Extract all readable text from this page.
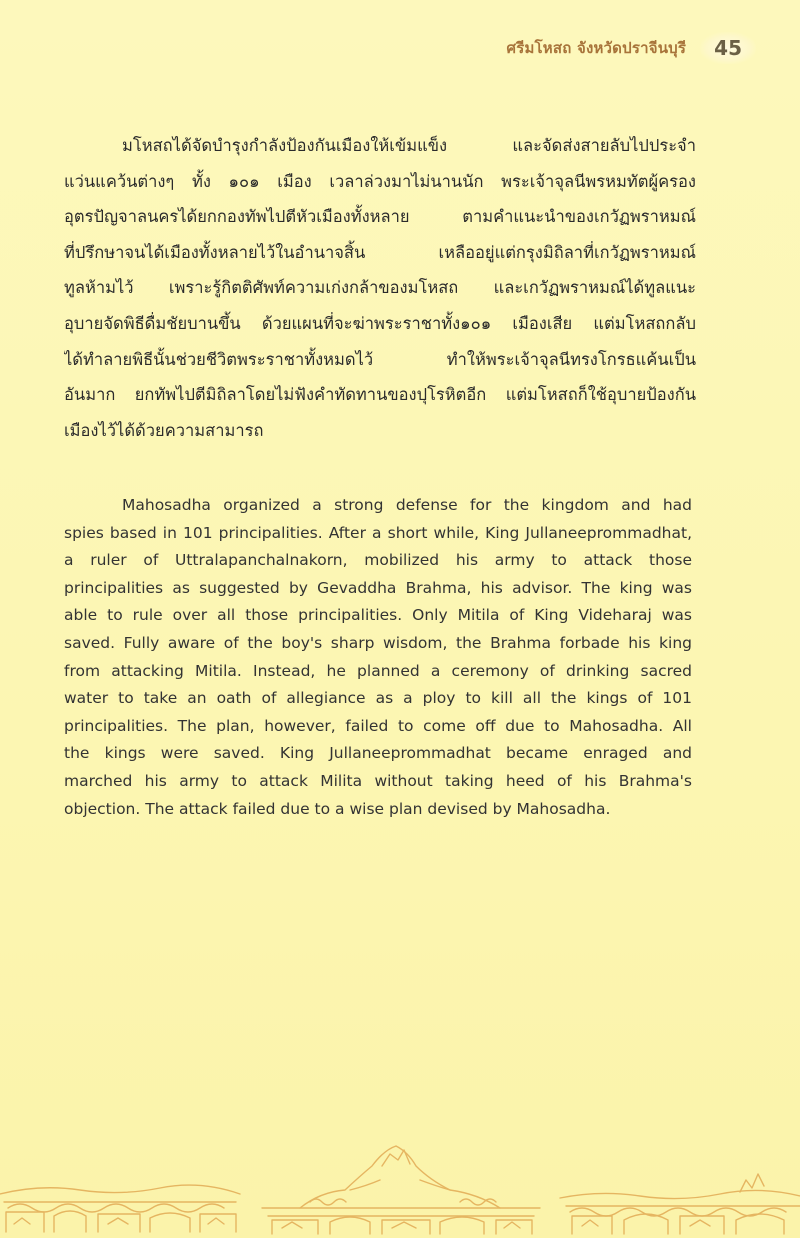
ศรีมโหสถ จังหวัดปราจีนบุรี	45
มโหสถได้จัดบำรุงกำลังป้องกันเมืองให้เข้มแข็ง และจัดส่งสายลับไปประจำ
แว่นแคว้นต่างๆ ทั้ง ๑๐๑ เมือง เวลาล่วงมาไม่นานนัก พระเจ้าจุลนีพรหมทัตผู้ครอง
อุตรปัญจาลนครได้ยกกองทัพไปตีหัวเมืองทั้งหลาย ตามคำแนะนำของเกวัฏพราหมณ์
ที่ปรึกษาจนได้เมืองทั้งหลายไว้ในอำนาจสิ้น เหลืออยู่แต่กรุงมิถิลาที่เกวัฏพราหมณ์
ทูลห้ามไว้ เพราะรู้กิตติศัพท์ความเก่งกล้าของมโหสถ และเกวัฏพราหมณ์ได้ทูลแนะ
อุบายจัดพิธีดื่มชัยบานขึ้น ด้วยแผนที่จะฆ่าพระราชาทั้ง๑๐๑ เมืองเสีย แต่มโหสถกลับ
ได้ทำลายพิธีนั้นช่วยชีวิตพระราชาทั้งหมดไว้ ทำให้พระเจ้าจุลนีทรงโกรธแค้นเป็น
อันมาก ยกทัพไปตีมิถิลาโดยไม่ฟังคำทัดทานของปุโรหิตอีก แต่มโหสถก็ใช้อุบายป้องกัน
เมืองไว้ได้ด้วยความสามารถ
Mahosadha organized a strong defense for the kingdom and had
spies based in 101 principalities. After a short while, King Jullaneeprommadhat,
a ruler of Uttralapanchalnakorn, mobilized his army to attack those
principalities as suggested by Gevaddha Brahma, his advisor. The king was
able to rule over all those principalities. Only Mitila of King Videharaj was
saved. Fully aware of the boy's sharp wisdom, the Brahma forbade his king
from attacking Mitila. Instead, he planned a ceremony of drinking sacred
water to take an oath of allegiance as a ploy to kill all the kings of 101
principalities. The plan, however, failed to come off due to Mahosadha. All
the kings were saved. King Jullaneeprommadhat became enraged and
marched his army to attack Milita without taking heed of his Brahma's
objection. The attack failed due to a wise plan devised by Mahosadha.
